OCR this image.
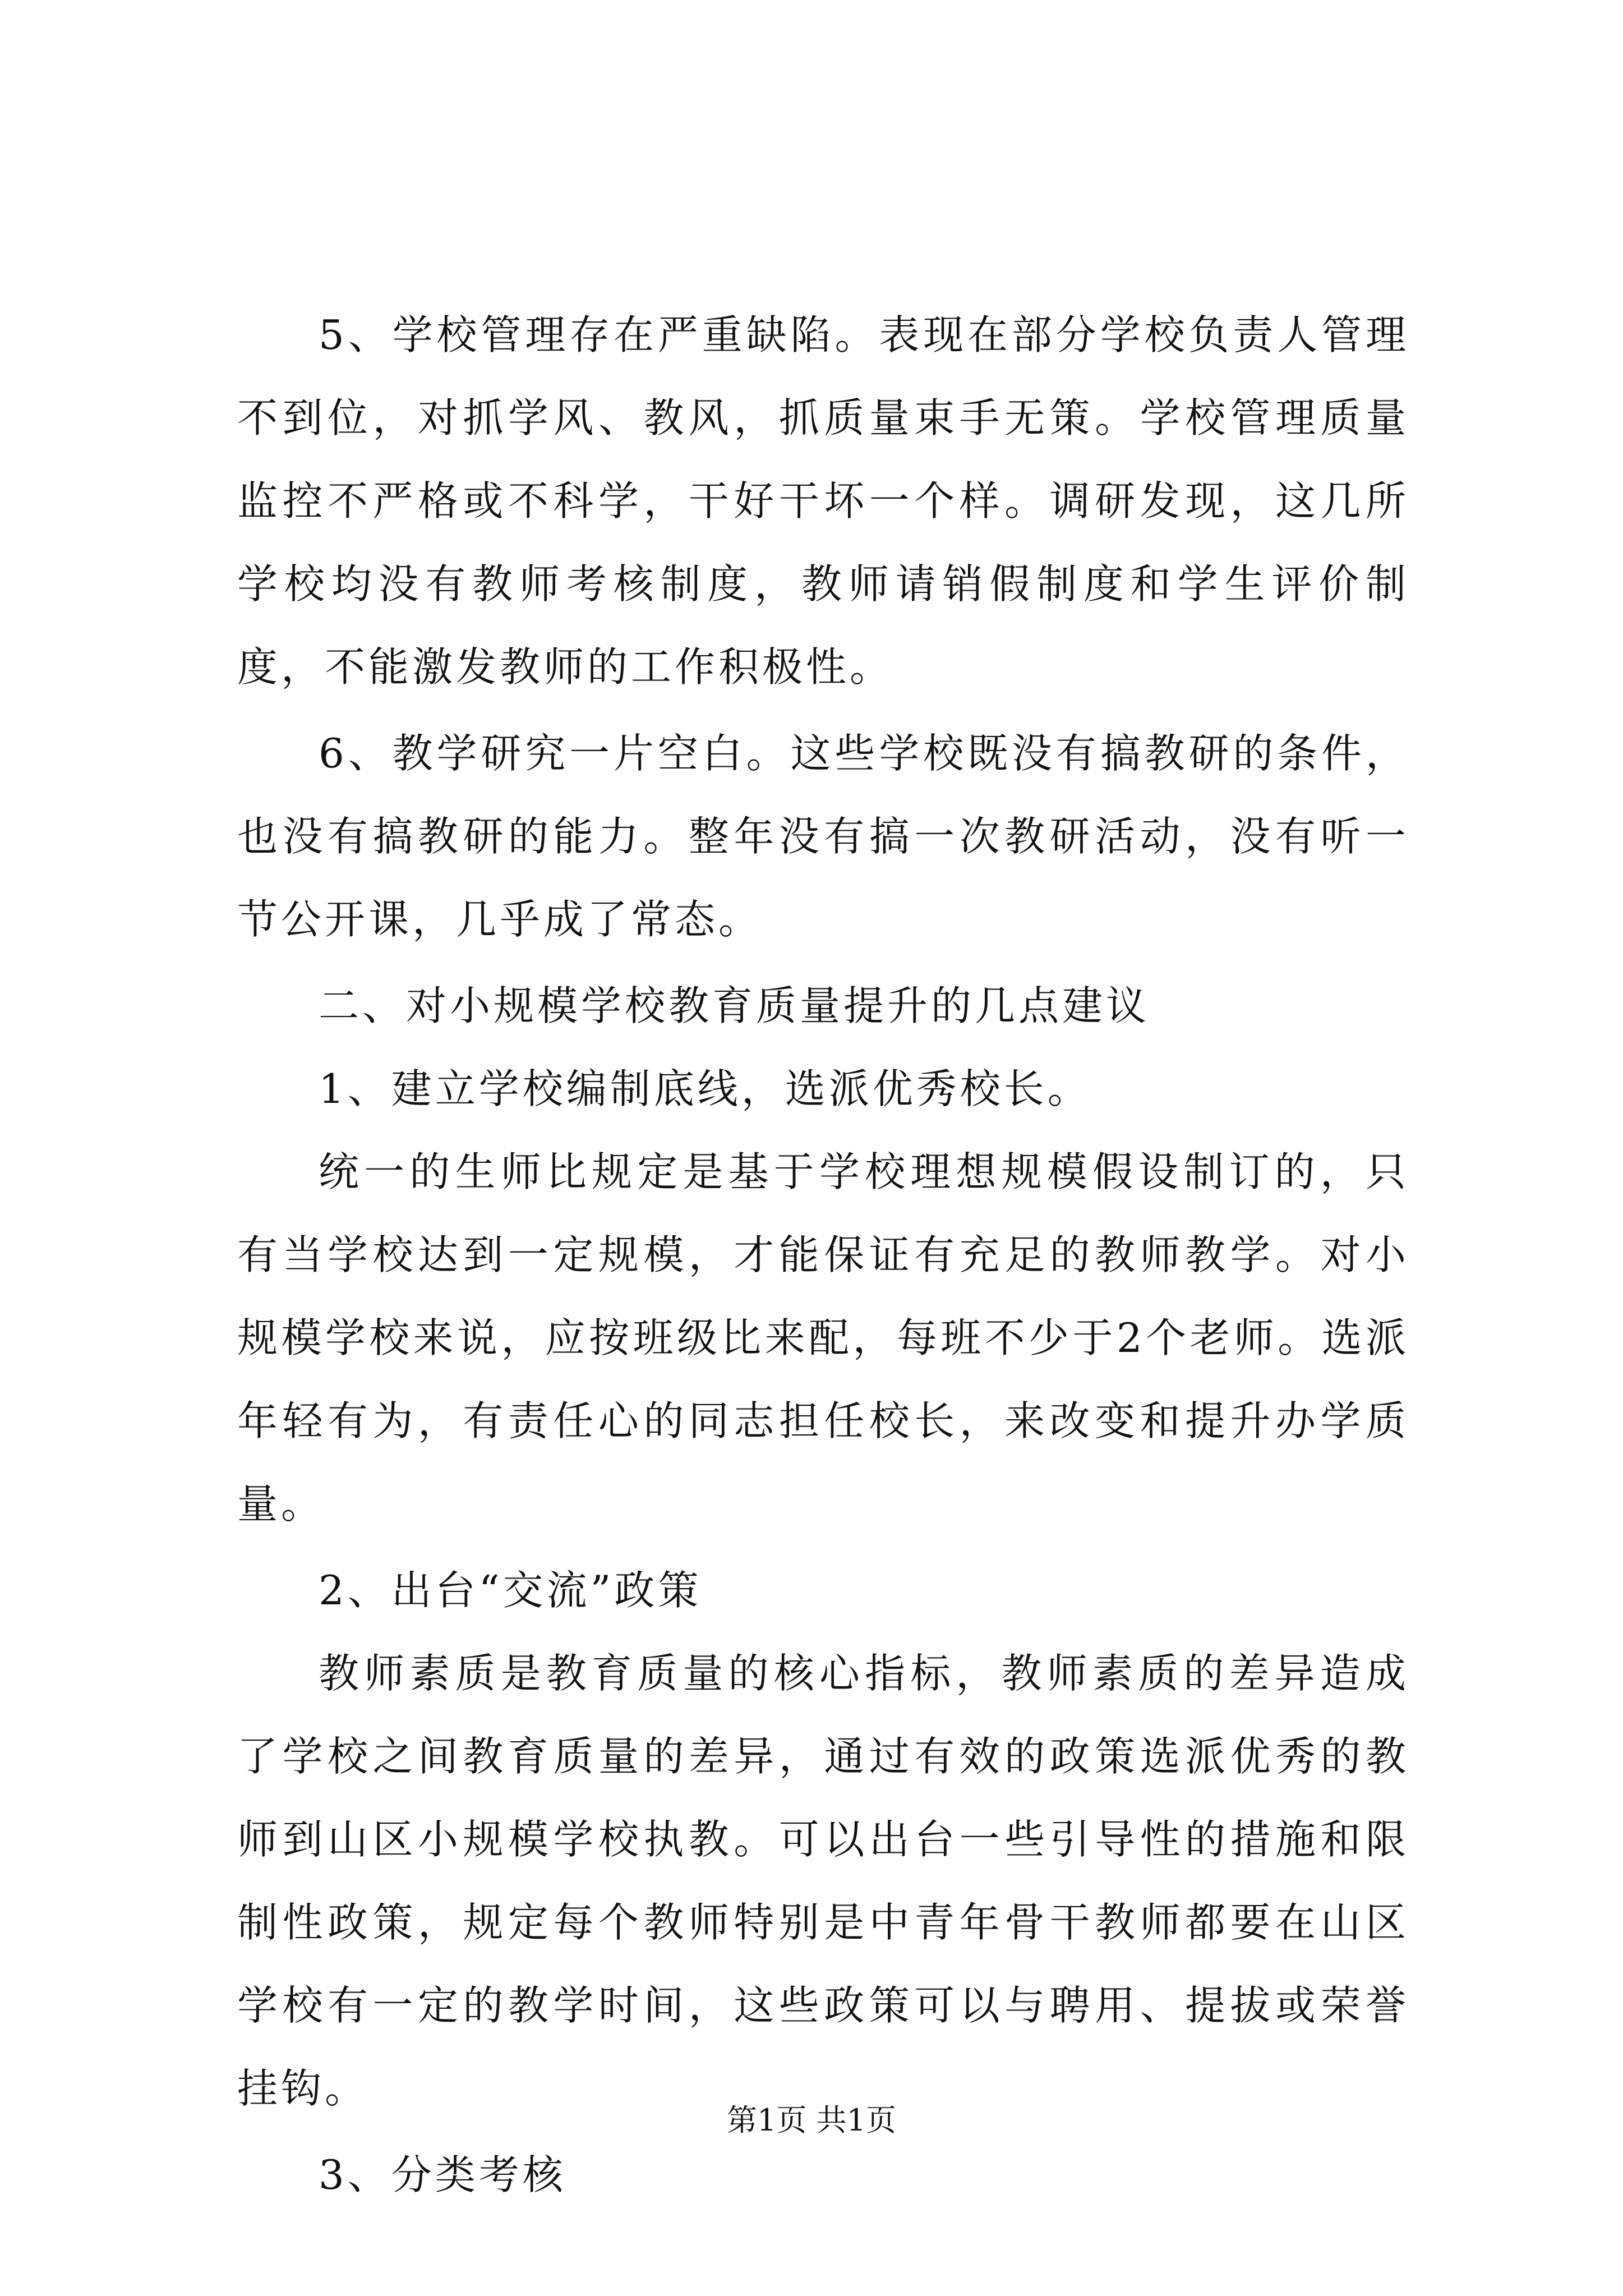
5、学校管理存在严重缺陷。表现在部分学校负责人管理不到位，对抓学风、教风，抓质量束手无策。学校管理质量监控不严格或不科学，干好干坏一个样。调研发现，这几所学校均没有教师考核制度，教师请销假制度和学生评价制度，不能激发教师的工作积极性。

6、教学研究一片空白。这些学校既没有搞教研的条件，也没有搞教研的能力。整年没有搞一次教研活动，没有听一节公开课，几乎成了常态。

二、对小规模学校教育质量提升的几点建议

1、建立学校编制底线，选派优秀校长。

统一的生师比规定是基于学校理想规模假设制订的，只有当学校达到一定规模，才能保证有充足的教师教学。对小规模学校来说，应按班级比来配，每班不少于2个老师。选派年轻有为，有责任心的同志担任校长，来改变和提升办学质量。

2、出台“交流”政策

教师素质是教育质量的核心指标，教师素质的差异造成了学校之间教育质量的差异，通过有效的政策选派优秀的教师到山区小规模学校执教。可以出台一些引导性的措施和限制性政策，规定每个教师特别是中青年骨干教师都要在山区学校有一定的教学时间，这些政策可以与聘用、提拔或荣誉挂钩。

3、分类考核

第1页 共1页
